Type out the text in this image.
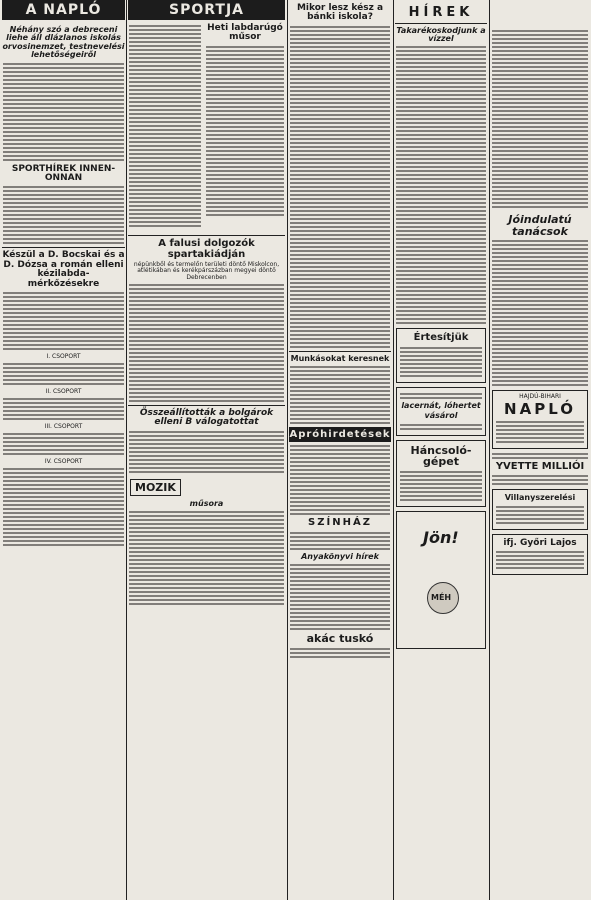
A NAPLÓ
Néhány szó a debreceni liehe áll dlázlanos iskolás orvosinemzet, testnevelési lehetőségeiről
SPORTHÍREK INNEN-ONNAN
Készül a D. Bocskai és a D. Dózsa a román elleni kézilabda-mérkőzésekre
I. CSOPORT
II. CSOPORT
III. CSOPORT
IV. CSOPORT
SPORTJA
Heti labdarúgó műsor
A falusi dolgozók spartakiádján
népünkből és termelőn területi döntő Miskolcon, atlétikában és kerékpárszázban megyei döntő Debrecenben
Összeállították a bolgárok elleni B válogatottat
MOZIK
műsora
Mikor lesz kész a bánki iskola?
Munkásokat keresnek
Apróhirdetések
SZÍNHÁZ
Anyakönyvi hírek
akác tuskó
HÍREK
Takarékoskodjunk a vízzel
Értesítjük
lacernát, lóhertet
vásárol
Háncsoló-gépet
Jön!
MÉH
Jóindulatú tanácsok
HAJDÚ-BIHARI
NAPLÓ
YVETTE MILLIÓI
Villanyszerelési
ifj. Győri Lajos
